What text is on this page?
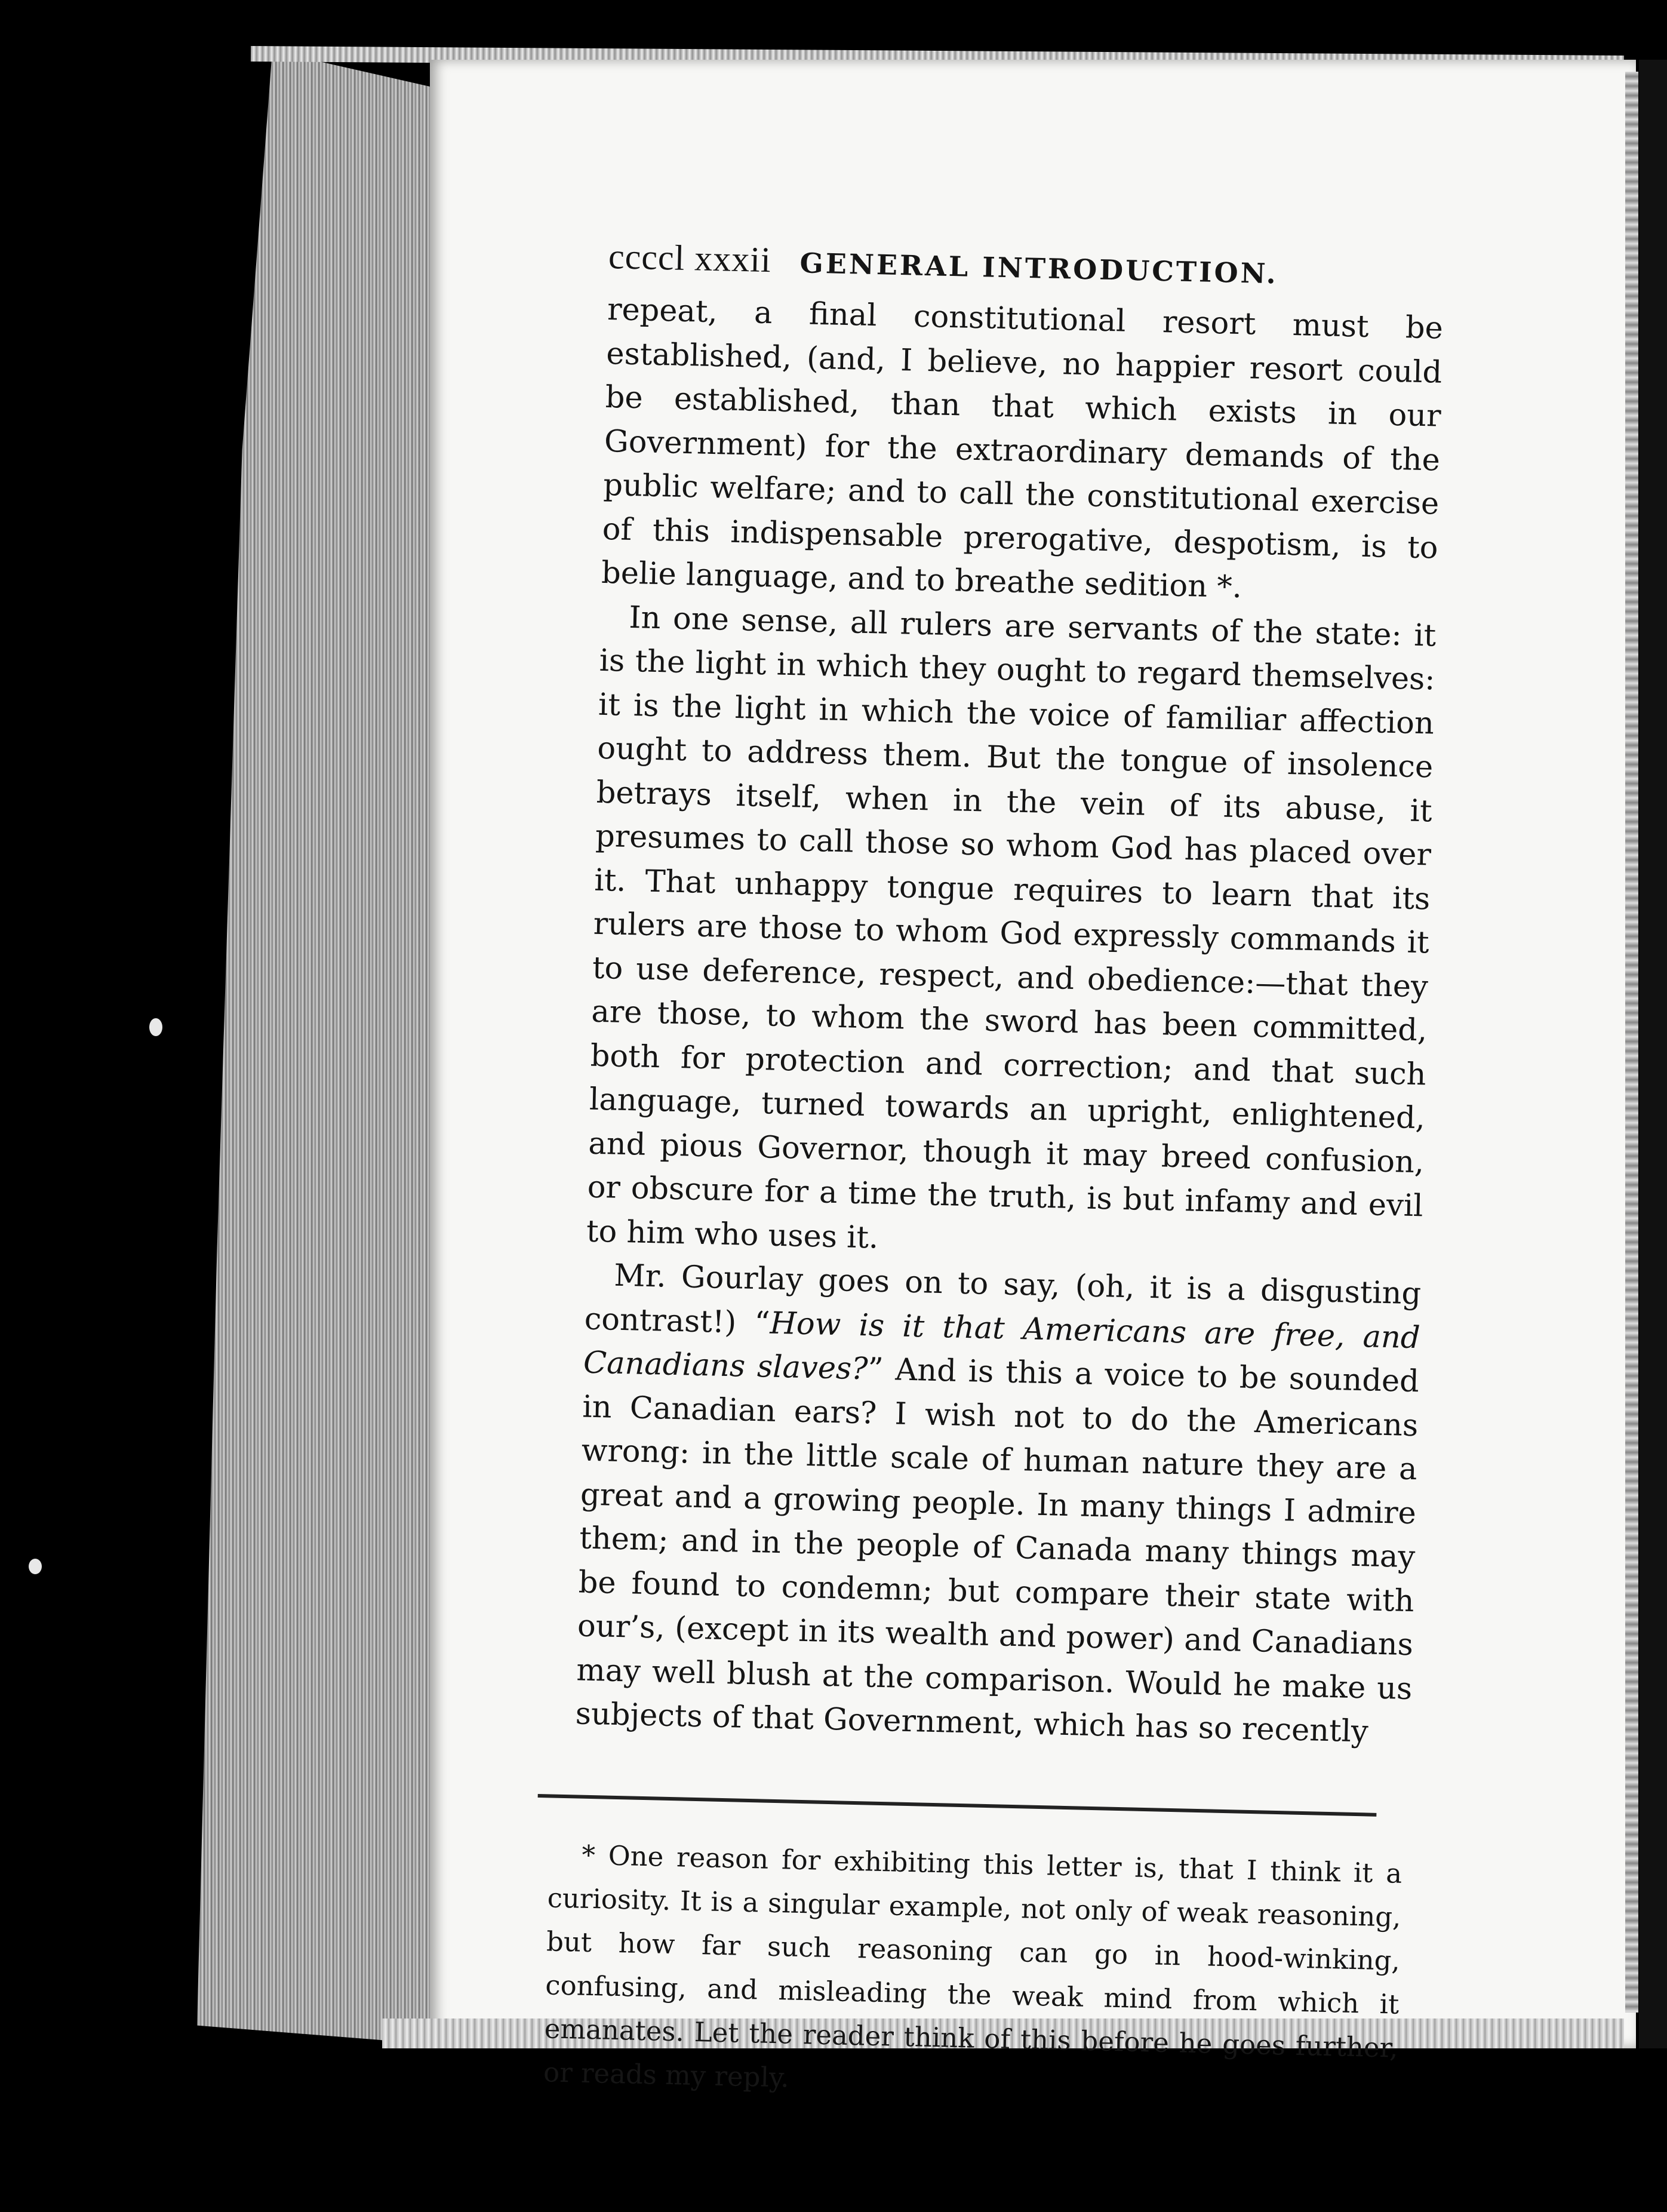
ccccl xxxii GENERAL INTRODUCTION.

repeat, a final constitutional resort must be established, (and, I believe, no happier resort could be established, than that which exists in our Government) for the extraordinary demands of the public welfare; and to call the constitutional exercise of this indispensable prerogative, despotism, is to belie language, and to breathe sedition *.

In one sense, all rulers are servants of the state: it is the light in which they ought to regard themselves: it is the light in which the voice of familiar affection ought to address them. But the tongue of insolence betrays itself, when in the vein of its abuse, it presumes to call those so whom God has placed over it. That unhappy tongue requires to learn that its rulers are those to whom God expressly commands it to use deference, respect, and obedience:—that they are those, to whom the sword has been committed, both for protection and correction; and that such language, turned towards an upright, enlightened, and pious Governor, though it may breed confusion, or obscure for a time the truth, is but infamy and evil to him who uses it.

Mr. Gourlay goes on to say, (oh, it is a disgusting contrast!) “How is it that Americans are free, and Canadians slaves?” And is this a voice to be sounded in Canadian ears? I wish not to do the Americans wrong: in the little scale of human nature they are a great and a growing people. In many things I admire them; and in the people of Canada many things may be found to condemn; but compare their state with our’s, (except in its wealth and power) and Canadians may well blush at the comparison. Would he make us subjects of that Government, which has so recently

* One reason for exhibiting this letter is, that I think it a curiosity. It is a singular example, not only of weak reasoning, but how far such reasoning can go in hood-winking, confusing, and misleading the weak mind from which it emanates. Let the reader think of this before he goes further, or reads my reply.
